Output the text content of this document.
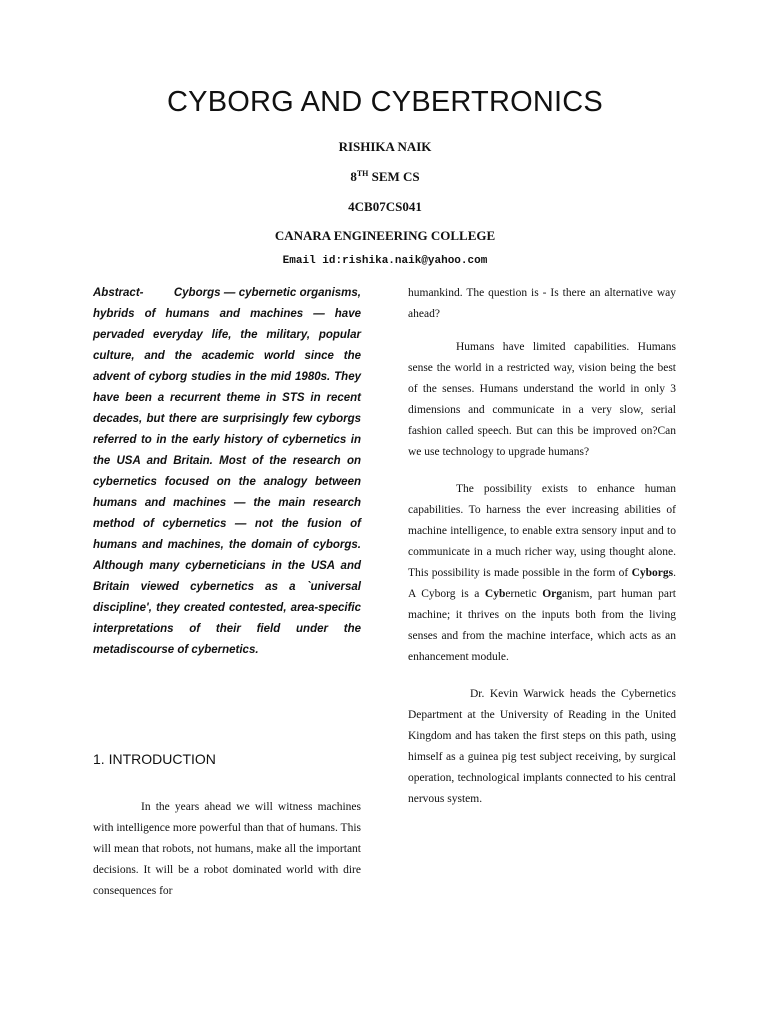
CYBORG AND CYBERTRONICS
RISHIKA NAIK
8TH SEM CS
4CB07CS041
CANARA ENGINEERING COLLEGE
Email id:rishika.naik@yahoo.com
Abstract-	Cyborgs — cybernetic organisms, hybrids of humans and machines — have pervaded everyday life, the military, popular culture, and the academic world since the advent of cyborg studies in the mid 1980s. They have been a recurrent theme in STS in recent decades, but there are surprisingly few cyborgs referred to in the early history of cybernetics in the USA and Britain. Most of the research on cybernetics focused on the analogy between humans and machines — the main research method of cybernetics — not the fusion of humans and machines, the domain of cyborgs. Although many cyberneticians in the USA and Britain viewed cybernetics as a `universal discipline', they created contested, area-specific interpretations of their field under the metadiscourse of cybernetics.
1. INTRODUCTION
In the years ahead we will witness machines with intelligence more powerful than that of humans. This will mean that robots, not humans, make all the important decisions. It will be a robot dominated world with dire consequences for

humankind. The question is - Is there an alternative way ahead?

Humans have limited capabilities. Humans sense the world in a restricted way, vision being the best of the senses. Humans understand the world in only 3 dimensions and communicate in a very slow, serial fashion called speech. But can this be improved on?Can we use technology to upgrade humans?

The possibility exists to enhance human capabilities. To harness the ever increasing abilities of machine intelligence, to enable extra sensory input and to communicate in a much richer way, using thought alone. This possibility is made possible in the form of Cyborgs. A Cyborg is a Cybernetic Organism, part human part machine; it thrives on the inputs both from the living senses and from the machine interface, which acts as an enhancement module.

Dr. Kevin Warwick heads the Cybernetics Department at the University of Reading in the United Kingdom and has taken the first steps on this path, using himself as a guinea pig test subject receiving, by surgical operation, technological implants connected to his central nervous system.
